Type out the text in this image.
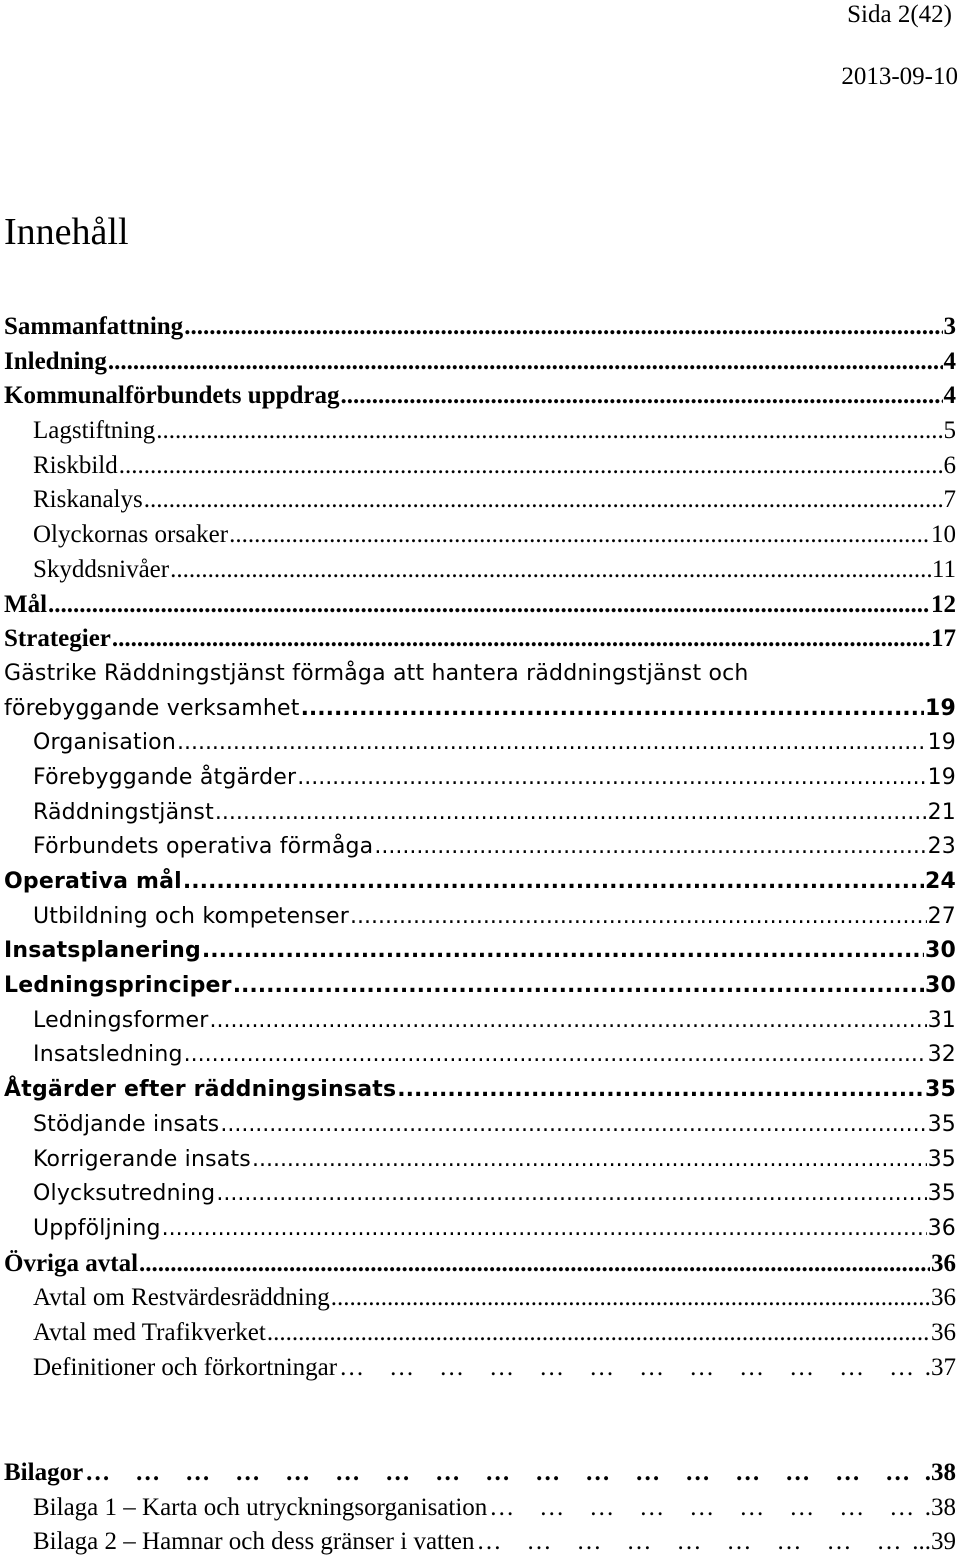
Sida 2(42)
2013-09-10
Innehåll
Sammanfattning .....	3
Inledning .....	4
Kommunalförbundets uppdrag .....	4
Lagstiftning .....	5
Riskbild .....	6
Riskanalys .....	7
Olyckornas orsaker .....	10
Skyddsnivåer .....	11
Mål .....	12
Strategier .....	17
Gästrike Räddningstjänst förmåga att hantera räddningstjänst och
förebyggande verksamhet .....	19
Organisation .....	19
Förebyggande åtgärder .....	19
Räddningstjänst .....	21
Förbundets operativa förmåga .....	23
Operativa mål .....	24
Utbildning och kompetenser .....	27
Insatsplanering .....	30
Ledningsprinciper .....	30
Ledningsformer .....	31
Insatsledning .....	32
Åtgärder efter räddningsinsats .....	35
Stödjande insats .....	35
Korrigerande insats .....	35
Olycksutredning .....	35
Uppföljning .....	36
Övriga avtal .....	36
Avtal om Restvärdesräddning .....	36
Avtal med Trafikverket .....	36
Definitioner och förkortningar … … … … … … … … … … … … … … … … … … …	.37
Bilagor … … … … … … … … … … … … … … … … … … …	.38
Bilaga 1 – Karta och utryckningsorganisation … … … … … … … … … … … … … … … … … … …	.38
Bilaga 2 – Hamnar och dess gränser i vatten … … … … … … … … … … … … … … … … … … …	...39
